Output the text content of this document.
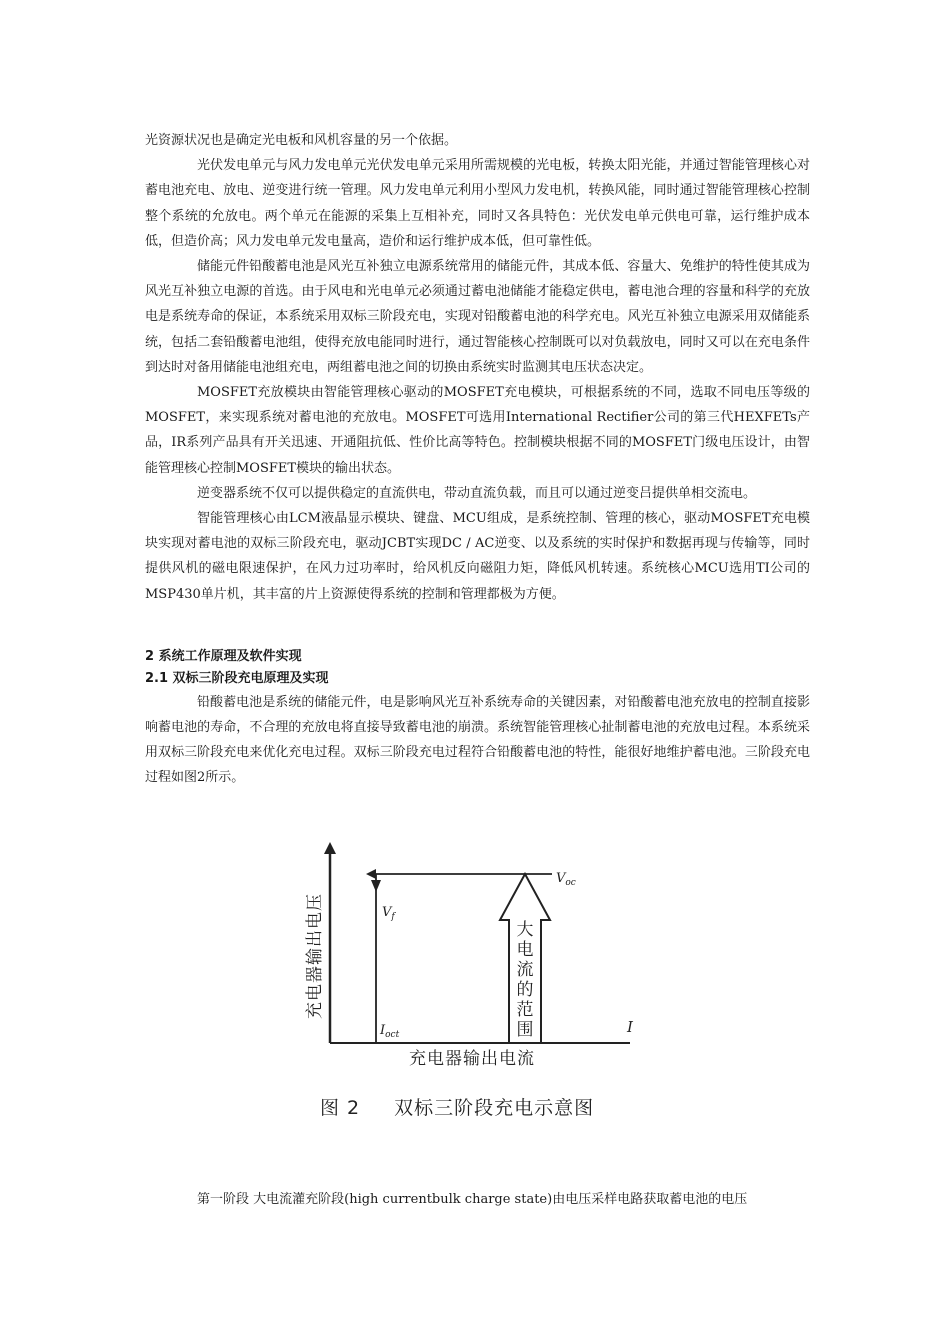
光资源状况也是确定光电板和风机容量的另一个依据。

光伏发电单元与风力发电单元光伏发电单元采用所需规模的光电板，转换太阳光能，并通过智能管理核心对蓄电池充电、放电、逆变进行统一管理。风力发电单元利用小型风力发电机，转换风能，同时通过智能管理核心控制整个系统的允放电。两个单元在能源的采集上互相补充，同时又各具特色：光伏发电单元供电可靠，运行维护成本低，但造价高；风力发电单元发电量高，造价和运行维护成本低，但可靠性低。

储能元件铅酸蓄电池是风光互补独立电源系统常用的储能元件，其成本低、容量大、免维护的特性使其成为风光互补独立电源的首选。由于风电和光电单元必须通过蓄电池储能才能稳定供电，蓄电池合理的容量和科学的充放电是系统寿命的保证，本系统采用双标三阶段充电，实现对铅酸蓄电池的科学充电。风光互补独立电源采用双储能系统，包括二套铅酸蓄电池组，使得充放电能同时进行，通过智能核心控制既可以对负载放电，同时又可以在充电条件到达时对备用储能电池组充电，两组蓄电池之间的切换由系统实时监测其电压状态决定。

MOSFET充放模块由智能管理核心驱动的MOSFET充电模块，可根据系统的不同，选取不同电压等级的MOSFET，来实现系统对蓄电池的充放电。MOSFET可选用International Rectifier公司的第三代HEXFETs产品，IR系列产品具有开关迅速、开通阻抗低、性价比高等特色。控制模块根据不同的MOSFET门级电压设计，由智能管理核心控制MOSFET模块的输出状态。

逆变器系统不仅可以提供稳定的直流供电，带动直流负载，而且可以通过逆变吕提供单相交流电。

智能管理核心由LCM液晶显示模块、键盘、MCU组成，是系统控制、管理的核心，驱动MOSFET充电模块实现对蓄电池的双标三阶段充电，驱动JCBT实现DC / AC逆变、以及系统的实时保护和数据再现与传输等，同时提供风机的磁电限速保护，在风力过功率时，给风机反向磁阻力矩，降低风机转速。系统核心MCU选用TI公司的MSP430单片机，其丰富的片上资源使得系统的控制和管理都极为方便。

2 系统工作原理及软件实现
2.1 双标三阶段充电原理及实现

铅酸蓄电池是系统的储能元件，电是影响风光互补系统寿命的关键因素，对铅酸蓄电池充放电的控制直接影响蓄电池的寿命，不合理的充放电将直接导致蓄电池的崩溃。系统智能管理核心扯制蓄电池的充放电过程。本系统采用双标三阶段充电来优化充电过程。双标三阶段充电过程符合铅酸蓄电池的特性，能很好地维护蓄电池。三阶段充电过程如图2所示。

$V_f$
$V_{oc}$
$I_{oct}$	I
大
电
流
的
范
围
充电器输出电压
充电器输出电流
图 2 双标三阶段充电示意图

第一阶段 大电流灌充阶段(high currentbulk charge state)由电压采样电路获取蓄电池的电压
